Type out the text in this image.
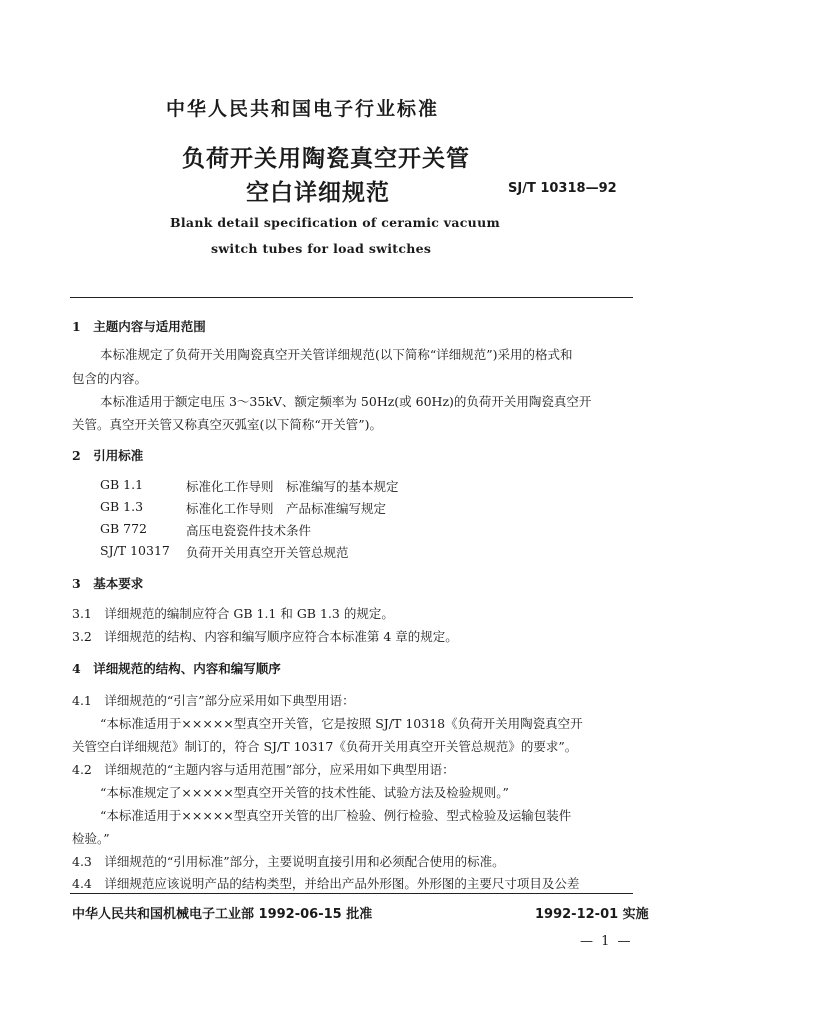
中华人民共和国电子行业标准
负荷开关用陶瓷真空开关管
空白详细规范	SJ/T 10318—92
Blank detail specification of ceramic vacuum
switch tubes for load switches
1　主题内容与适用范围
本标准规定了负荷开关用陶瓷真空开关管详细规范(以下简称“详细规范”)采用的格式和
包含的内容。
本标准适用于额定电压 3～35kV、额定频率为 50Hz(或 60Hz)的负荷开关用陶瓷真空开
关管。真空开关管又称真空灭弧室(以下简称“开关管”)。
2　引用标准
GB 1.1	标准化工作导则　标准编写的基本规定
GB 1.3	标准化工作导则　产品标准编写规定
GB 772	高压电瓷瓷件技术条件
SJ/T 10317 负荷开关用真空开关管总规范
3　基本要求
3.1　详细规范的编制应符合 GB 1.1 和 GB 1.3 的规定。
3.2　详细规范的结构、内容和编写顺序应符合本标准第 4 章的规定。
4　详细规范的结构、内容和编写顺序
4.1　详细规范的“引言”部分应采用如下典型用语：
“本标准适用于×××××型真空开关管，它是按照 SJ/T 10318《负荷开关用陶瓷真空开
关管空白详细规范》制订的，符合 SJ/T 10317《负荷开关用真空开关管总规范》的要求”。
4.2　详细规范的“主题内容与适用范围”部分，应采用如下典型用语：
“本标准规定了×××××型真空开关管的技术性能、试验方法及检验规则。”
“本标准适用于×××××型真空开关管的出厂检验、例行检验、型式检验及运输包装件
检验。”
4.3　详细规范的“引用标准”部分，主要说明直接引用和必须配合使用的标准。
4.4　详细规范应该说明产品的结构类型，并给出产品外形图。外形图的主要尺寸项目及公差
中华人民共和国机械电子工业部 1992-06-15 批准	1992-12-01 实施
— 1 —
